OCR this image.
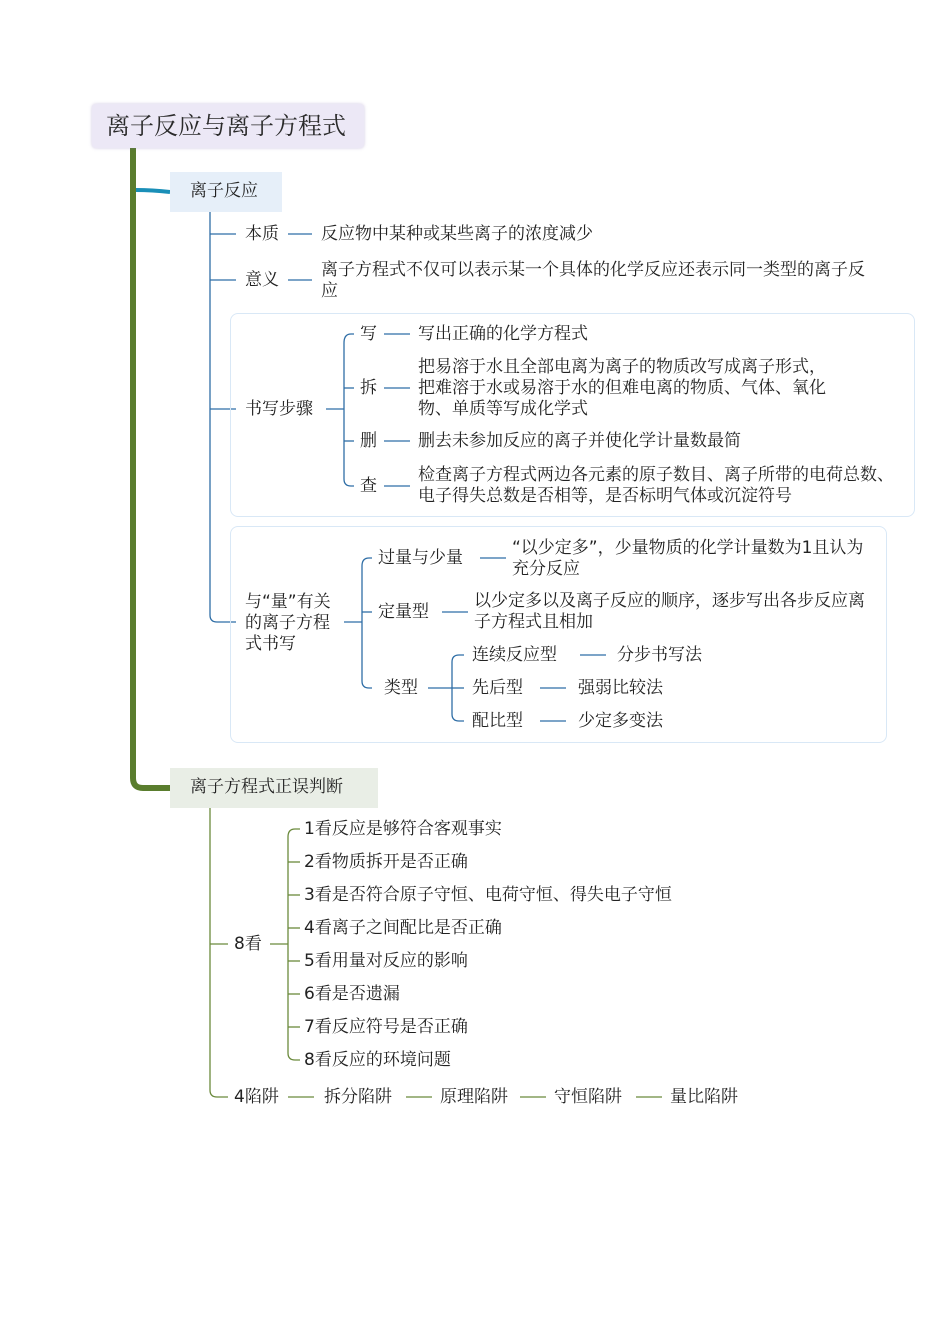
离子反应与离子方程式
离子反应
本质 反应物中某种或某些离子的浓度减少
意义 离子方程式不仅可以表示某一个具体的化学反应还表示同一类型的离子反应
书写步骤
写 写出正确的化学方程式
拆
把易溶于水且全部电离为离子的物质改写成离子形式，把难溶于水或易溶于水的但难电离的物质、气体、氧化物、单质等写成化学式
删 删去未参加反应的离子并使化学计量数最简
查
检查离子方程式两边各元素的原子数目、离子所带的电荷总数、电子得失总数是否相等，是否标明气体或沉淀符号
与“量”有关的离子方程式书写
过量与少量	“以少定多”，少量物质的化学计量数为1且认为充分反应
定量型
以少定多以及离子反应的顺序，逐步写出各步反应离子方程式且相加
类型
连续反应型	分步书写法
先后型	强弱比较法
配比型	少定多变法
离子方程式正误判断
8看
1看反应是够符合客观事实
2看物质拆开是否正确
3看是否符合原子守恒、电荷守恒、得失电子守恒
4看离子之间配比是否正确
5看用量对反应的影响
6看是否遗漏
7看反应符号是否正确
8看反应的环境问题
4陷阱	拆分陷阱	原理陷阱	守恒陷阱	量比陷阱
